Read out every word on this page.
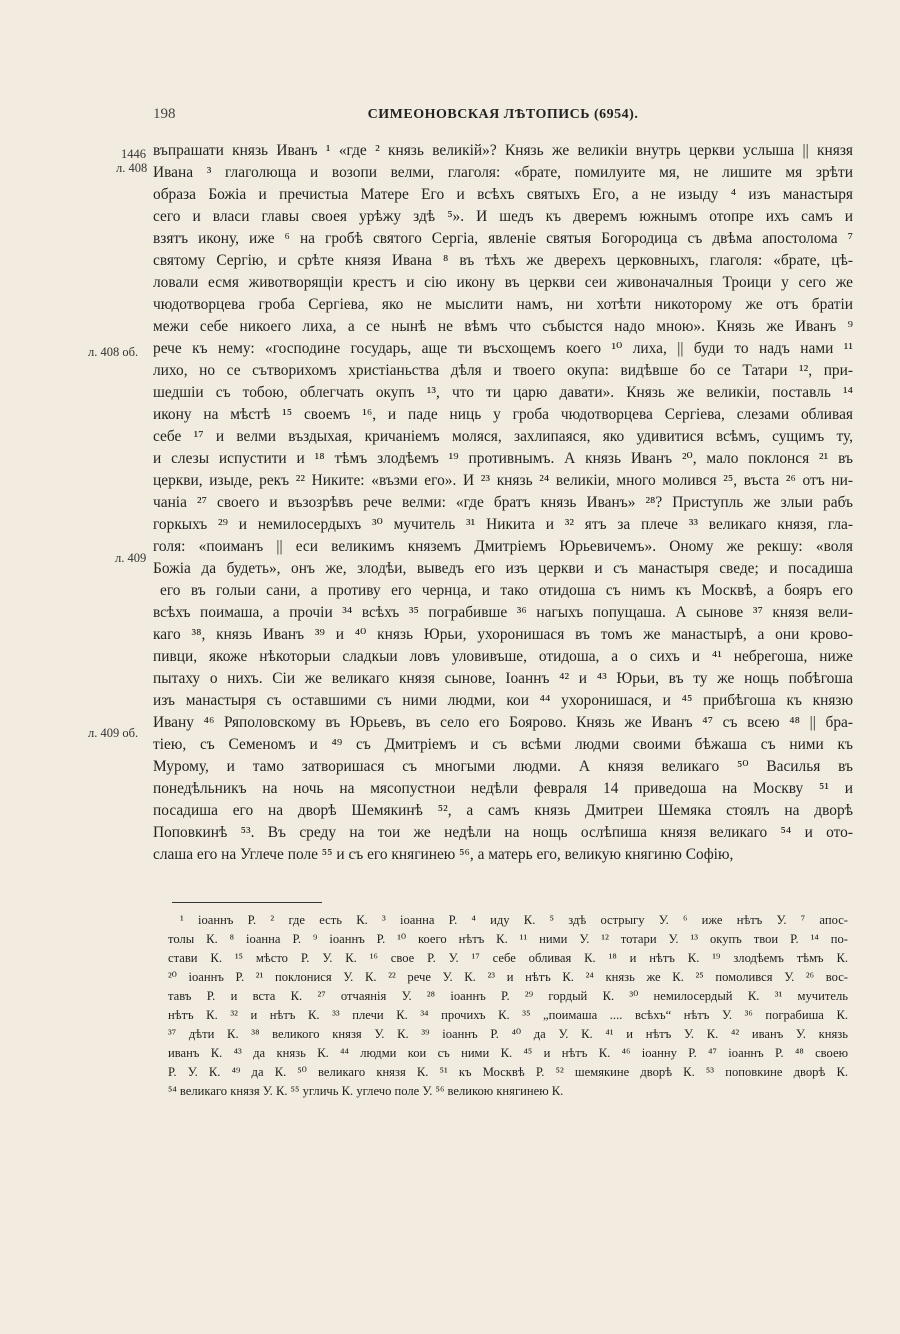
198	СИМЕОНОВСКАЯ ЛѢТОПИСЬ (6954).
1446
л. 408
л. 408 об.
л. 409
л. 409 об.
въпрашати князь Иванъ ¹ «где ² князь великій»? Князь же великіи внутрь церкви услыша || князя
Ивана ³ глаголюща и возопи велми, глаголя: «брате, помилуите мя, не лишите мя зрѣти
образа Божіа и пречистыа Матере Его и всѣхъ святыхъ Его, а не изыду ⁴ изъ манастыря
сего и власи главы своея урѣжу здѣ ⁵». И шедъ къ дверемъ южнымъ отопре ихъ самъ и
взятъ икону, иже ⁶ на гробѣ святого Сергіа, явленіе святыя Богородица съ двѣма апостолома ⁷
святому Сергію, и срѣте князя Ивана ⁸ въ тѣхъ же дверехъ церковныхъ, глаголя: «брате, цѣ-
ловали есмя животворящіи крестъ и сію икону въ церкви сеи живоначалныя Троици у сего же
чюдотворцева гроба Сергіева, яко не мыслити намъ, ни хотѣти никоторому же отъ братіи
межи себе никоего лиха, а се нынѣ не вѣмъ что събыстся надо мною». Князь же Иванъ ⁹
рече къ нему: «господине государь, аще ти въсхощемъ коего ¹⁰ лиха, || буди то надъ нами ¹¹
лихо, но се сътворихомъ христіаньства дѣля и твоего окупа: видѣвше бо се Татари ¹², при-
шедшіи съ тобою, облегчать окупъ ¹³, что ти царю давати». Князь же великіи, поставль ¹⁴
икону на мѣстѣ ¹⁵ своемъ ¹⁶, и паде ниць у гроба чюдотворцева Сергіева, слезами обливая
себе ¹⁷ и велми въздыхая, кричаніемъ моляся, захлипаяся, яко удивитися всѣмъ, сущимъ ту,
и слезы испустити и ¹⁸ тѣмъ злодѣемъ ¹⁹ противнымъ. А князь Иванъ ²⁰, мало поклонся ²¹ въ
церкви, изыде, рекъ ²² Никите: «възми его». И ²³ князь ²⁴ великіи, много молився ²⁵, въста ²⁶ отъ ни-
чаніа ²⁷ своего и възозрѣвъ рече велми: «где братъ князь Иванъ» ²⁸? Приступль же злыи рабъ
горкыхъ ²⁹ и немилосердыхъ ³⁰ мучитель ³¹ Никита и ³² ятъ за плече ³³ великаго князя, гла-
голя: «поиманъ || еси великимъ княземъ Дмитріемъ Юрьевичемъ». Оному же рекшу: «воля
Божіа да будеть», онъ же, злодѣи, выведъ его изъ церкви и съ манастыря сведе; и посадиша
его въ голыи сани, а противу его чернца, и тако отидоша съ нимъ къ Москвѣ, а бояръ его
всѣхъ поимаша, а прочіи ³⁴ всѣхъ ³⁵ пограбивше ³⁶ нагыхъ попущаша. А сынове ³⁷ князя вели-
каго ³⁸, князь Иванъ ³⁹ и ⁴⁰ князь Юрьи, ухоронишася въ томъ же манастырѣ, а они крово-
пивци, якоже нѣкоторыи сладкыи ловъ уловивъше, отидоша, а о сихъ и ⁴¹ небрегоша, ниже
пытаху о нихъ. Сіи же великаго князя сынове, Іоаннъ ⁴² и ⁴³ Юрьи, въ ту же нощь побѣгоша
изъ манастыря съ оставшими съ ними людми, кои ⁴⁴ ухоронишася, и ⁴⁵ прибѣгоша къ князю
Ивану ⁴⁶ Ряполовскому въ Юрьевъ, въ село его Боярово. Князь же Иванъ ⁴⁷ съ всею ⁴⁸ || бра-
тіею, съ Семеномъ и ⁴⁹ съ Дмитріемъ и съ всѣми людми своими бѣжаша съ ними къ
Мурому, и тамо затворишася съ многыми людми. А князя великаго ⁵⁰ Василья въ
понедѣльникъ на ночь на мясопустнои недѣли февраля 14 приведоша на Москву ⁵¹ и
посадиша его на дворѣ Шемякинѣ ⁵², а самъ князь Дмитреи Шемяка стоялъ на дворѣ
Поповкинѣ ⁵³. Въ среду на тои же недѣли на нощь ослѣпиша князя великаго ⁵⁴ и ото-
слаша его на Углече поле ⁵⁵ и съ его княгинею ⁵⁶, а матерь его, великую княгиню Софію,
¹ іоаннъ Р. ² где есть К. ³ іоанна Р. ⁴ иду К. ⁵ здѣ острыгу У. ⁶ иже нѣтъ У. ⁷ апос-
толы К. ⁸ іоанна Р. ⁹ іоаннъ Р. ¹⁰ коего нѣтъ К. ¹¹ ними У. ¹² тотари У. ¹³ окупъ твои Р. ¹⁴ по-
стави К. ¹⁵ мѣсто Р. У. К. ¹⁶ свое Р. У. ¹⁷ себе обливая К. ¹⁸ и нѣтъ К. ¹⁹ злодѣемъ тѣмъ К.
²⁰ іоаннъ Р. ²¹ поклонися У. К. ²² рече У. К. ²³ и нѣтъ К. ²⁴ князь же К. ²⁵ помолився У. ²⁶ вос-
тавъ Р. и вста К. ²⁷ отчаянія У. ²⁸ іоаннъ Р. ²⁹ гордый К. ³⁰ немилосердый К. ³¹ мучитель
нѣтъ К. ³² и нѣтъ К. ³³ плечи К. ³⁴ прочихъ К. ³⁵ „поимаша .... всѣхъ“ нѣтъ У. ³⁶ пограбиша К.
³⁷ дѣти К. ³⁸ великого князя У. К. ³⁹ іоаннъ Р. ⁴⁰ да У. К. ⁴¹ и нѣтъ У. К. ⁴² иванъ У. князь
иванъ К. ⁴³ да князь К. ⁴⁴ людми кои съ ними К. ⁴⁵ и нѣтъ К. ⁴⁶ іоанну Р. ⁴⁷ іоаннъ Р. ⁴⁸ своею
Р. У. К. ⁴⁹ да К. ⁵⁰ великаго князя К. ⁵¹ къ Москвѣ Р. ⁵² шемякине дворѣ К. ⁵³ поповкине дворѣ К.
⁵⁴ великаго князя У. К. ⁵⁵ угличь К. углечо поле У. ⁵⁶ великою княгинею К.
